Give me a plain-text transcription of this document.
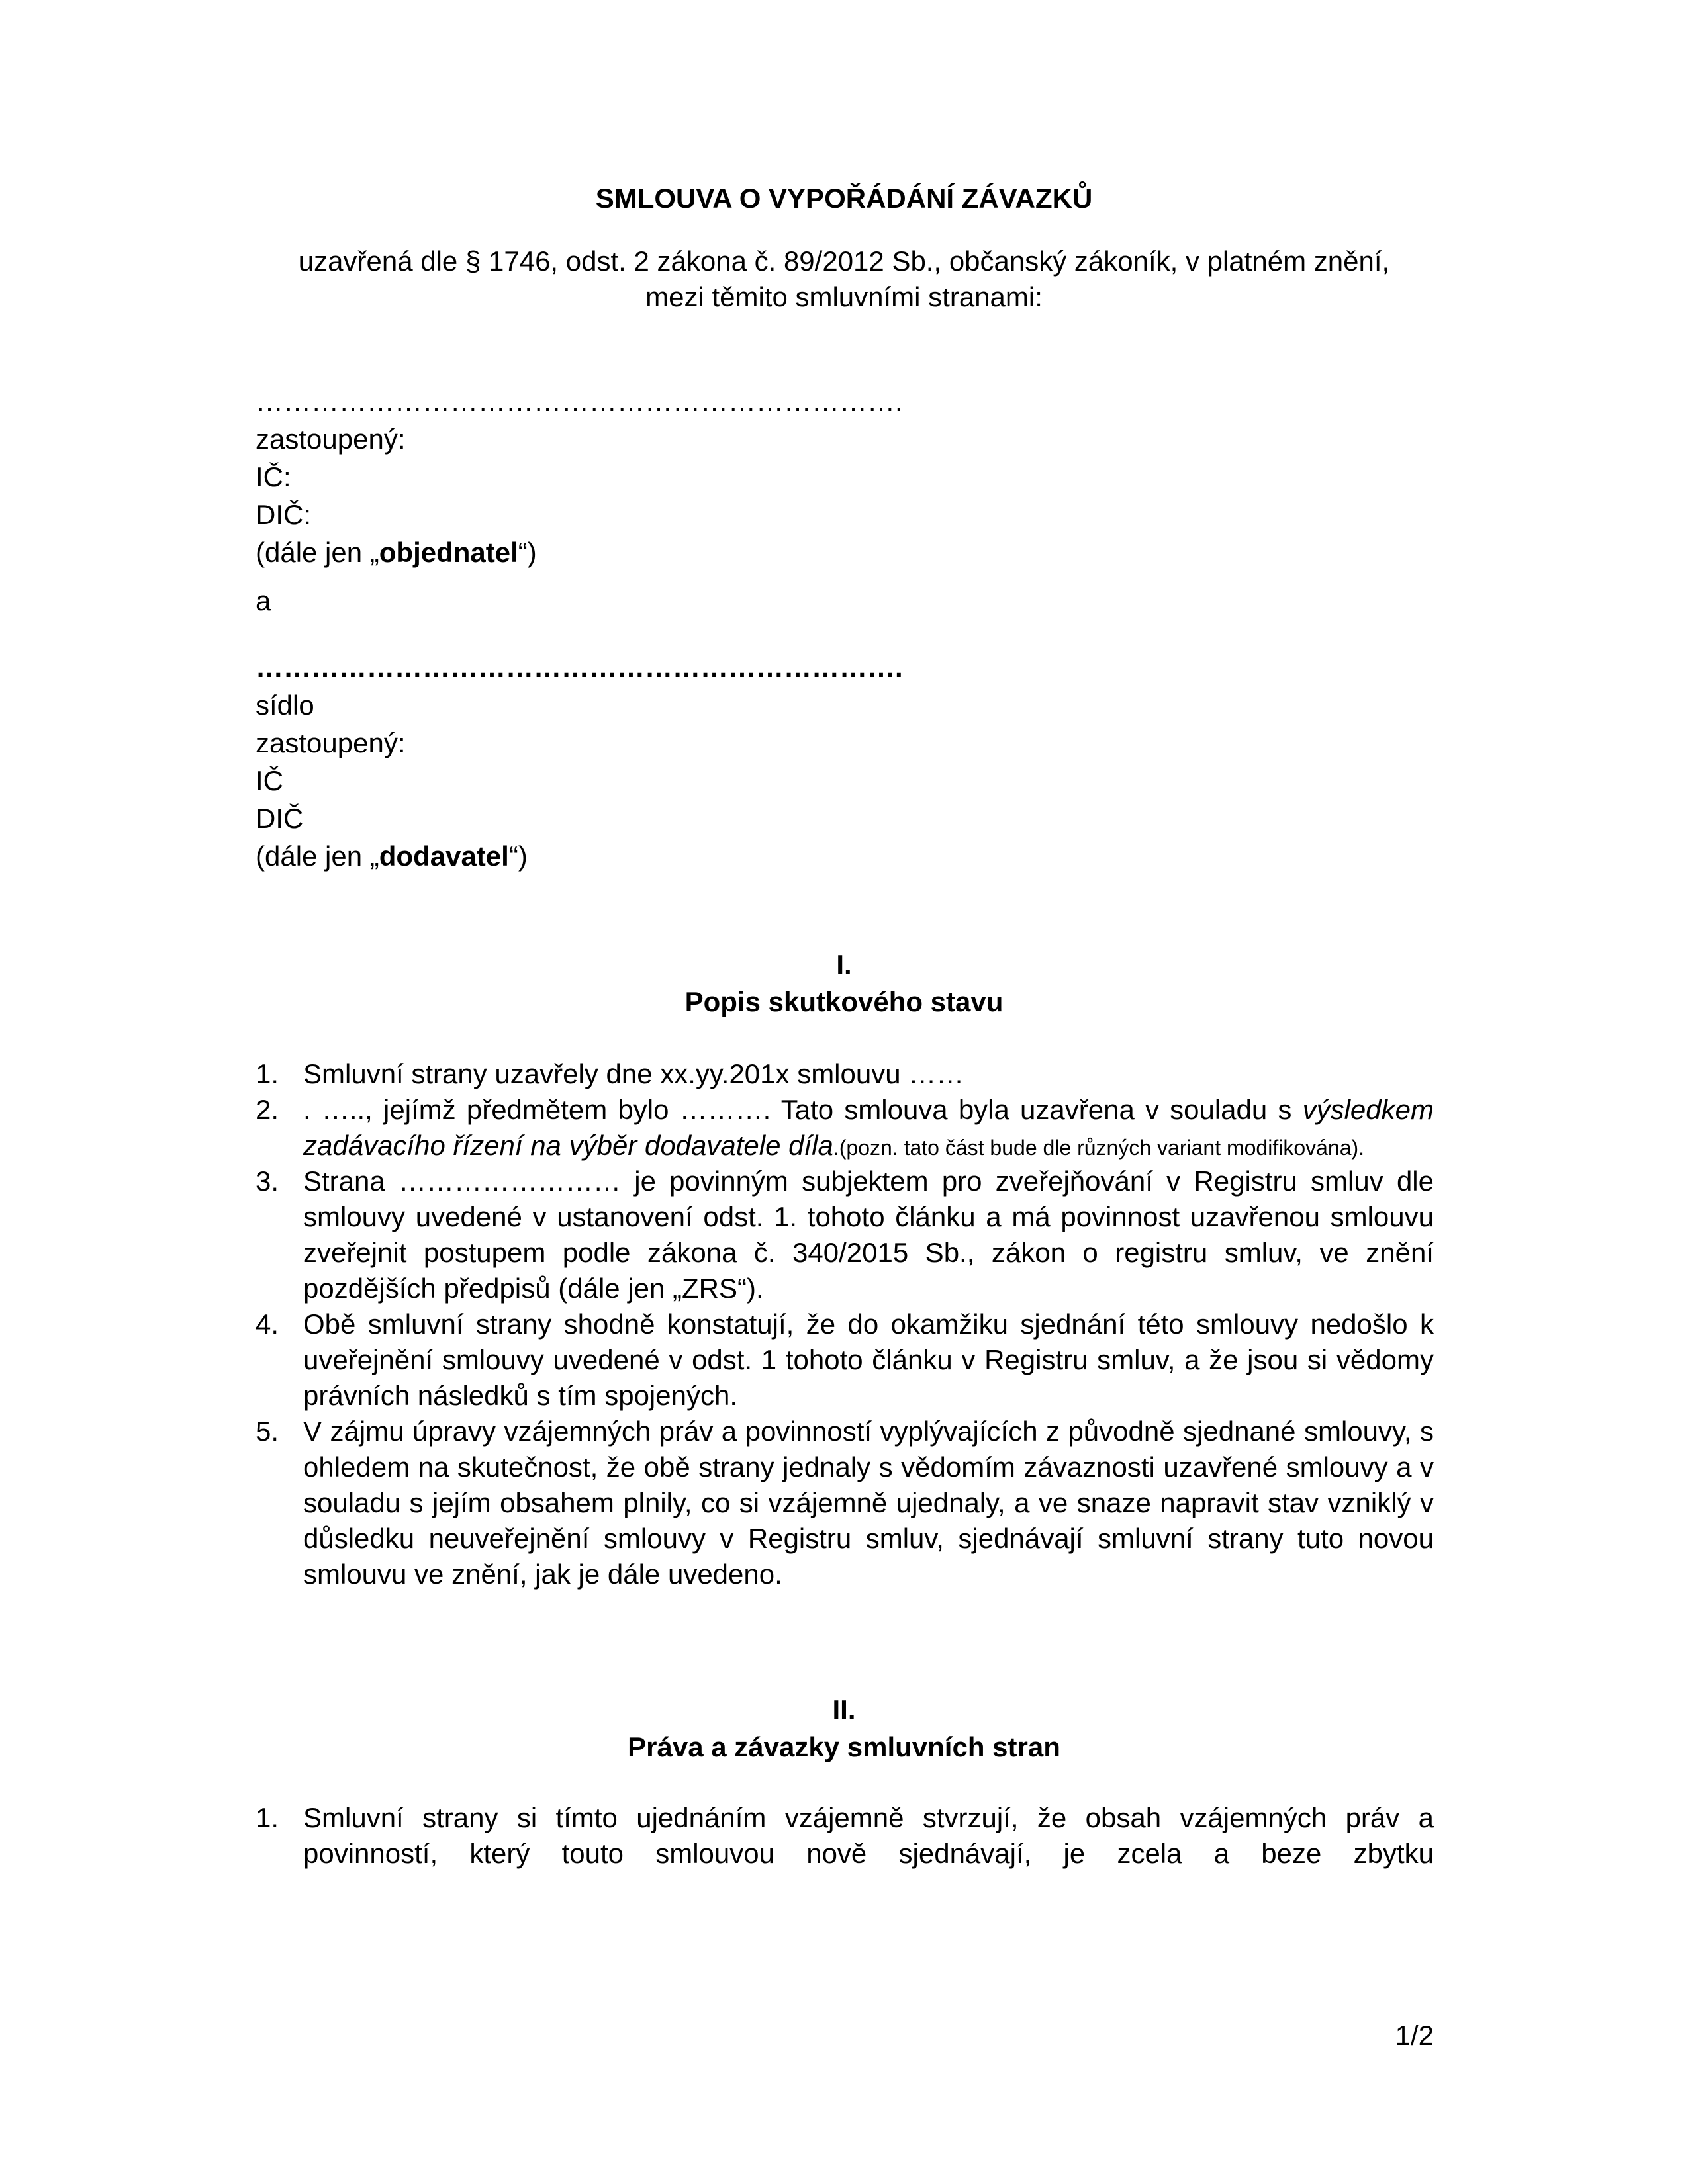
SMLOUVA O VYPOŘÁDÁNÍ ZÁVAZKŮ
uzavřená dle § 1746, odst. 2 zákona č. 89/2012 Sb., občanský zákoník, v platném znění,
mezi těmito smluvními stranami:
…………………………………………………………….
zastoupený:
IČ:
DIČ:
(dále jen „objednatel“)
a
…………………………………………………………….
sídlo
zastoupený:
IČ
DIČ
(dále jen „dodavatel“)
I.
Popis skutkového stavu
1. Smluvní strany uzavřely dne xx.yy.201x smlouvu ……
2. . ….., jejímž předmětem bylo ………. Tato smlouva byla uzavřena v souladu s výsledkem zadávacího řízení na výběr dodavatele díla.(pozn. tato část bude dle různých variant modifikována).
3. Strana …………………… je povinným subjektem pro zveřejňování v Registru smluv dle smlouvy uvedené v ustanovení odst. 1. tohoto článku a má povinnost uzavřenou smlouvu zveřejnit postupem podle zákona č. 340/2015 Sb., zákon o registru smluv, ve znění pozdějších předpisů (dále jen „ZRS“).
4. Obě smluvní strany shodně konstatují, že do okamžiku sjednání této smlouvy nedošlo k uveřejnění smlouvy uvedené v odst. 1 tohoto článku v Registru smluv, a že jsou si vědomy právních následků s tím spojených.
5. V zájmu úpravy vzájemných práv a povinností vyplývajících z původně sjednané smlouvy, s ohledem na skutečnost, že obě strany jednaly s vědomím závaznosti uzavřené smlouvy a v souladu s jejím obsahem plnily, co si vzájemně ujednaly, a ve snaze napravit stav vzniklý v důsledku neuveřejnění smlouvy v Registru smluv, sjednávají smluvní strany tuto novou smlouvu ve znění, jak je dále uvedeno.
II.
Práva a závazky smluvních stran
1. Smluvní strany si tímto ujednáním vzájemně stvrzují, že obsah vzájemných práv a povinností, který touto smlouvou nově sjednávají, je zcela a beze zbytku
1/2
